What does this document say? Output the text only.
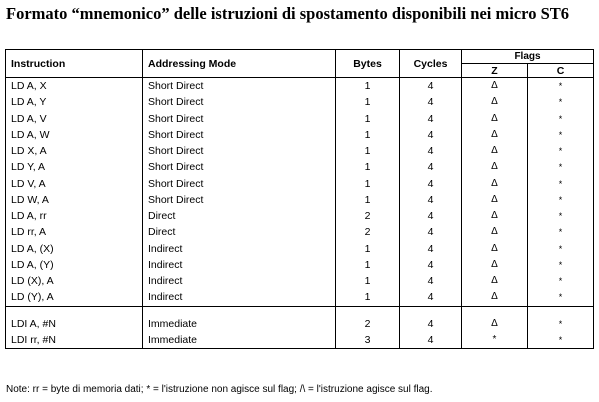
Formato “mnemonico” delle istruzioni di spostamento disponibili nei micro ST6
Instruction	Addressing Mode	Bytes	Cycles	Flags	
				Z	C
LD A, X	Short Direct	1	4	Δ	*
LD A, Y	Short Direct	1	4	Δ	*
LD A, V	Short Direct	1	4	Δ	*
LD A, W	Short Direct	1	4	Δ	*
LD X, A	Short Direct	1	4	Δ	*
LD Y, A	Short Direct	1	4	Δ	*
LD V, A	Short Direct	1	4	Δ	*
LD W, A	Short Direct	1	4	Δ	*
LD A, rr	Direct	2	4	Δ	*
LD rr, A	Direct	2	4	Δ	*
LD A, (X)	Indirect	1	4	Δ	*
LD A, (Y)	Indirect	1	4	Δ	*
LD (X), A	Indirect	1	4	Δ	*
LD (Y), A	Indirect	1	4	Δ	*

LDI A, #N	Immediate	2	4	Δ	*
LDI rr, #N	Immediate	3	4	*	*
Note: rr = byte di memoria dati; * = l'istruzione non agisce sul flag; /\ = l'istruzione agisce sul flag.
